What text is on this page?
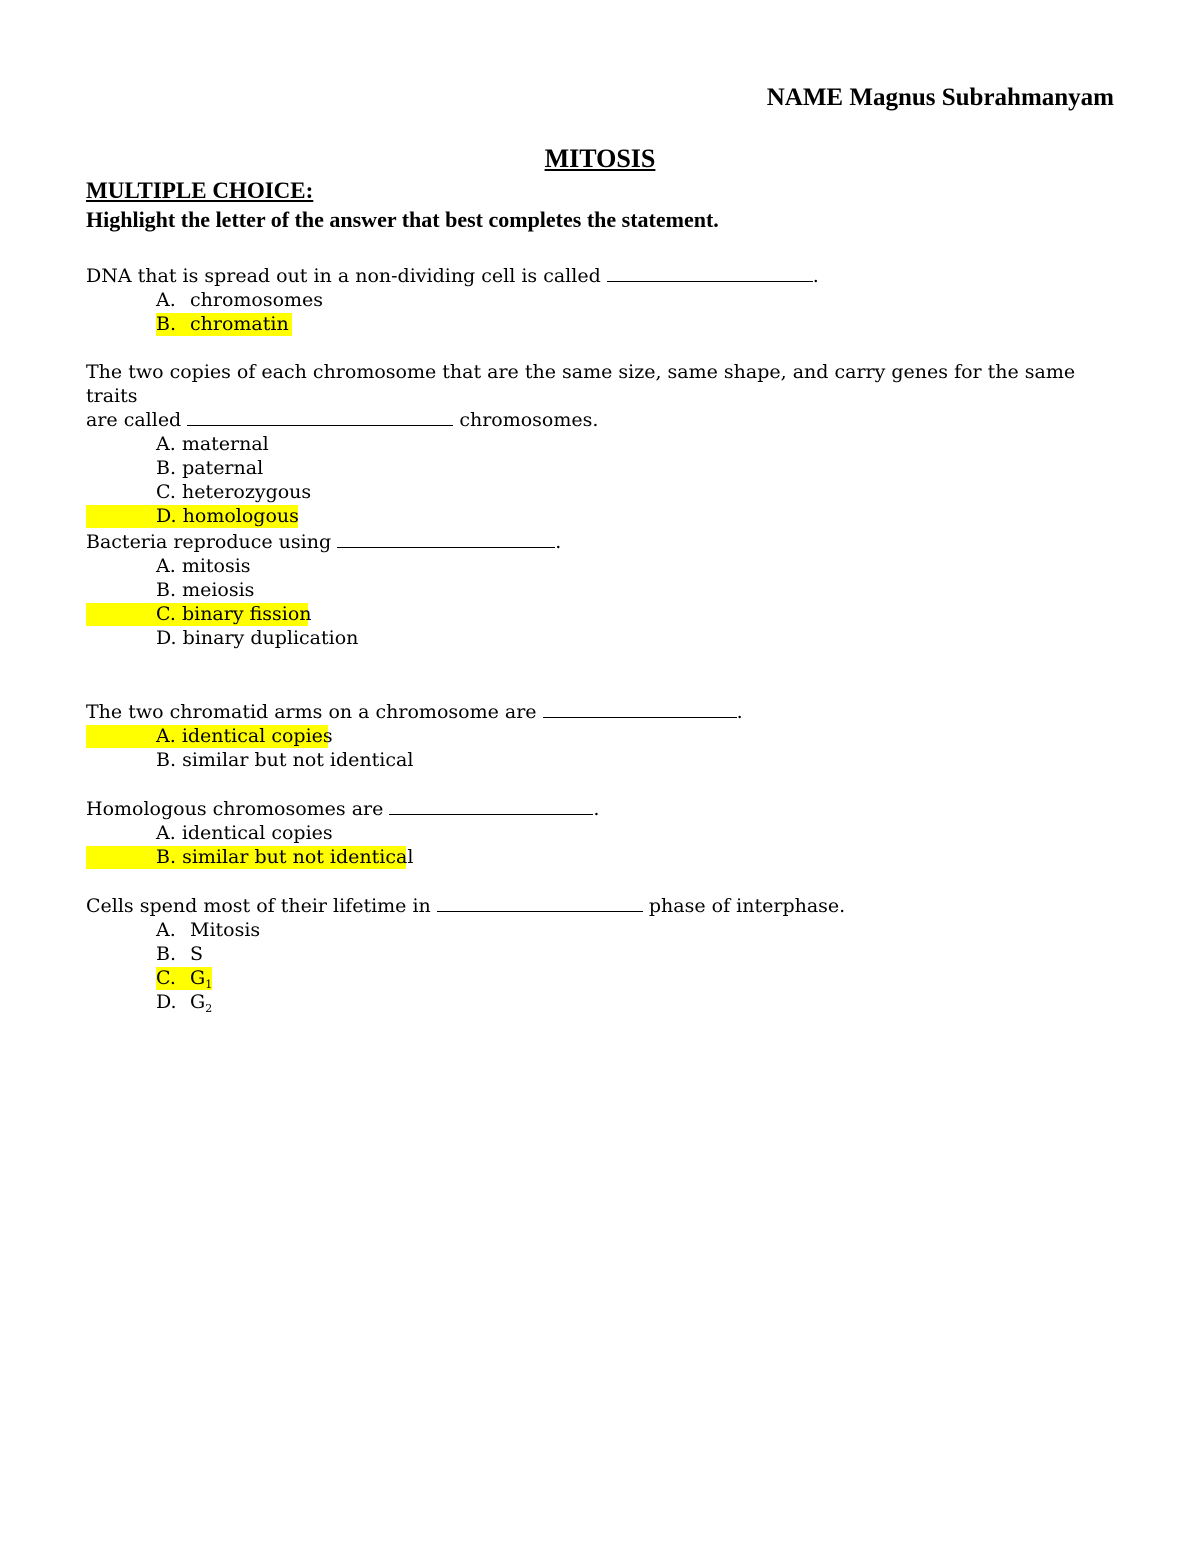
NAME Magnus Subrahmanyam
MITOSIS
MULTIPLE CHOICE:
Highlight the letter of the answer that best completes the statement.
DNA that is spread out in a non-dividing cell is called	.
A. chromosomes
B. chromatin
The two copies of each chromosome that are the same size, same shape, and carry genes for the same traits
are called	chromosomes.
A. maternal
B. paternal
C. heterozygous
D. homologous
Bacteria reproduce using	.
A. mitosis
B. meiosis
C. binary fission
D. binary duplication
The two chromatid arms on a chromosome are	.
A. identical copies
B. similar but not identical
Homologous chromosomes are	.
A. identical copies
B. similar but not identical
Cells spend most of their lifetime in	phase of interphase.
A. Mitosis
B. S
C. $G_1$
D. $G_2$
